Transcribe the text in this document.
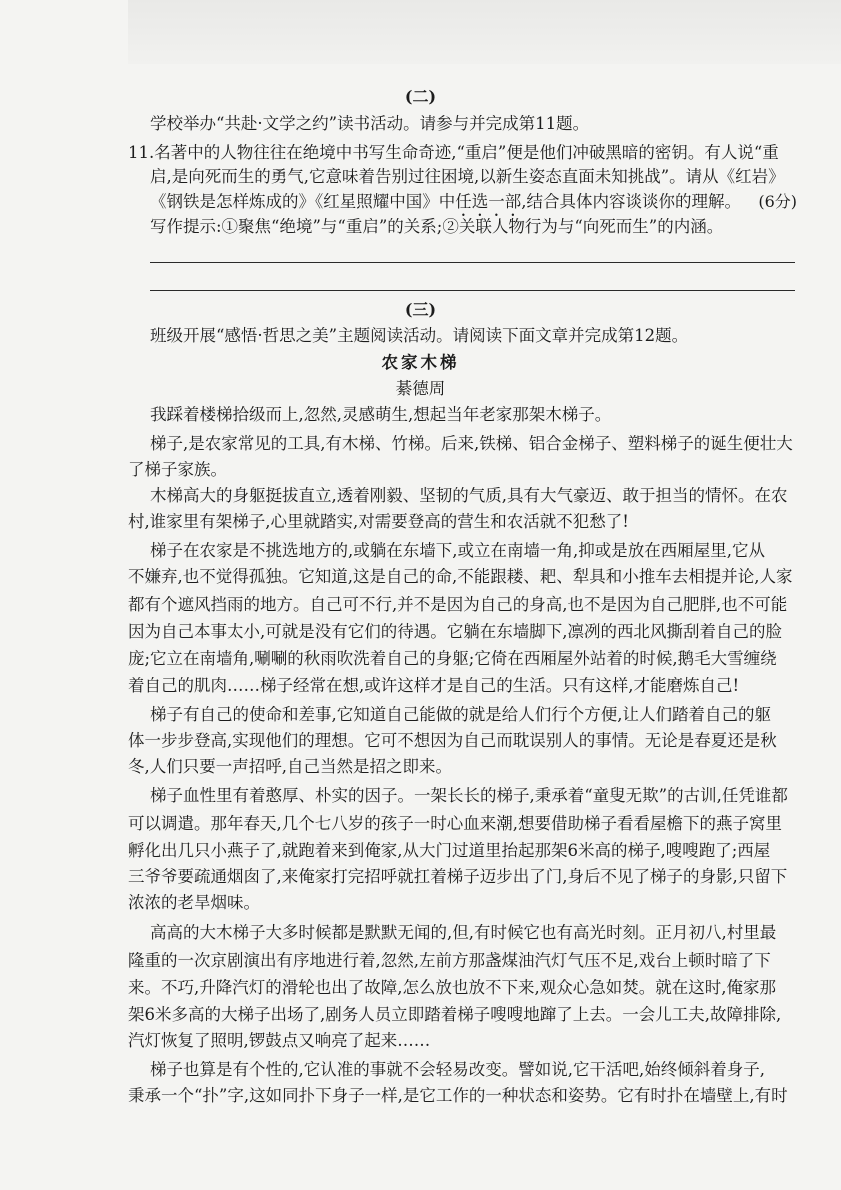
(二)
学校举办“共赴·文学之约”读书活动。请参与并完成第11题。
11.名著中的人物往往在绝境中书写生命奇迹,“重启”便是他们冲破黑暗的密钥。有人说“重
启,是向死而生的勇气,它意味着告别过往困境,以新生姿态直面未知挑战”。请从《红岩》
《钢铁是怎样炼成的》《红星照耀中国》中任选一部,结合具体内容谈谈你的理解。 (6分)
写作提示:①聚焦“绝境”与“重启”的关系;②关联人物行为与“向死而生”的内涵。
(三)
班级开展“感悟·哲思之美”主题阅读活动。请阅读下面文章并完成第12题。
农家木梯
綦德周
我踩着楼梯拾级而上,忽然,灵感萌生,想起当年老家那架木梯子。
梯子,是农家常见的工具,有木梯、竹梯。后来,铁梯、铝合金梯子、塑料梯子的诞生便壮大
了梯子家族。
木梯高大的身躯挺拔直立,透着刚毅、坚韧的气质,具有大气豪迈、敢于担当的情怀。在农
村,谁家里有架梯子,心里就踏实,对需要登高的营生和农活就不犯愁了!
梯子在农家是不挑选地方的,或躺在东墙下,或立在南墙一角,抑或是放在西厢屋里,它从
不嫌弃,也不觉得孤独。它知道,这是自己的命,不能跟耧、耙、犁具和小推车去相提并论,人家
都有个遮风挡雨的地方。自己可不行,并不是因为自己的身高,也不是因为自己肥胖,也不可能
因为自己本事太小,可就是没有它们的待遇。它躺在东墙脚下,凛冽的西北风撕刮着自己的脸
庞;它立在南墙角,唰唰的秋雨吹洗着自己的身躯;它倚在西厢屋外站着的时候,鹅毛大雪缠绕
着自己的肌肉……梯子经常在想,或许这样才是自己的生活。只有这样,才能磨炼自己!
梯子有自己的使命和差事,它知道自己能做的就是给人们行个方便,让人们踏着自己的躯
体一步步登高,实现他们的理想。它可不想因为自己而耽误别人的事情。无论是春夏还是秋
冬,人们只要一声招呼,自己当然是招之即来。
梯子血性里有着憨厚、朴实的因子。一架长长的梯子,秉承着“童叟无欺”的古训,任凭谁都
可以调遣。那年春天,几个七八岁的孩子一时心血来潮,想要借助梯子看看屋檐下的燕子窝里
孵化出几只小燕子了,就跑着来到俺家,从大门过道里抬起那架6米高的梯子,嗖嗖跑了;西屋
三爷爷要疏通烟囱了,来俺家打完招呼就扛着梯子迈步出了门,身后不见了梯子的身影,只留下
浓浓的老旱烟味。
高高的大木梯子大多时候都是默默无闻的,但,有时候它也有高光时刻。正月初八,村里最
隆重的一次京剧演出有序地进行着,忽然,左前方那盏煤油汽灯气压不足,戏台上顿时暗了下
来。不巧,升降汽灯的滑轮也出了故障,怎么放也放不下来,观众心急如焚。就在这时,俺家那
架6米多高的大梯子出场了,剧务人员立即踏着梯子嗖嗖地蹿了上去。一会儿工夫,故障排除,
汽灯恢复了照明,锣鼓点又响亮了起来……
梯子也算是有个性的,它认准的事就不会轻易改变。譬如说,它干活吧,始终倾斜着身子,
秉承一个“扑”字,这如同扑下身子一样,是它工作的一种状态和姿势。它有时扑在墙壁上,有时
